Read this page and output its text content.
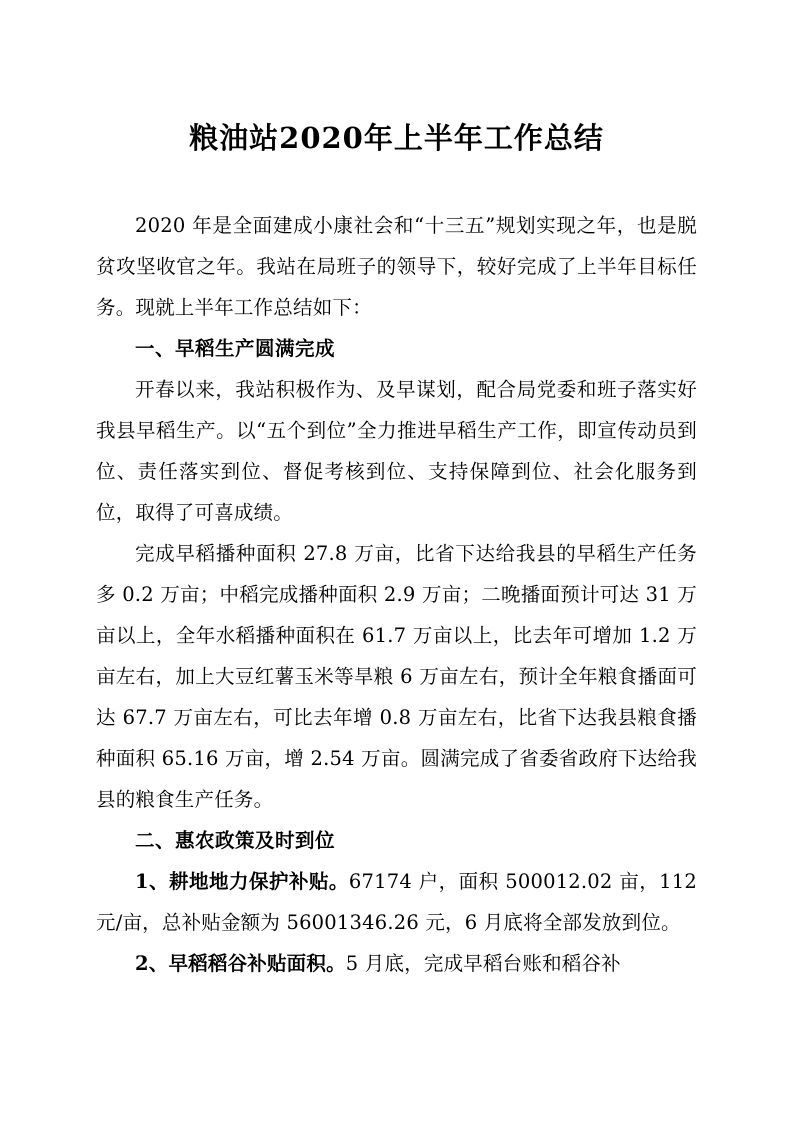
粮油站2020年上半年工作总结

2020 年是全面建成小康社会和“十三五”规划实现之年，也是脱贫攻坚收官之年。我站在局班子的领导下，较好完成了上半年目标任务。现就上半年工作总结如下：

一、早稻生产圆满完成

开春以来，我站积极作为、及早谋划，配合局党委和班子落实好我县早稻生产。以“五个到位”全力推进早稻生产工作，即宣传动员到位、责任落实到位、督促考核到位、支持保障到位、社会化服务到位，取得了可喜成绩。

完成早稻播种面积 27.8 万亩，比省下达给我县的早稻生产任务多 0.2 万亩；中稻完成播种面积 2.9 万亩；二晚播面预计可达 31 万亩以上，全年水稻播种面积在 61.7 万亩以上，比去年可增加 1.2 万亩左右，加上大豆红薯玉米等旱粮 6 万亩左右，预计全年粮食播面可达 67.7 万亩左右，可比去年增 0.8 万亩左右，比省下达我县粮食播种面积 65.16 万亩，增 2.54 万亩。圆满完成了省委省政府下达给我县的粮食生产任务。

二、惠农政策及时到位

1、耕地地力保护补贴。67174 户，面积 500012.02 亩，112 元/亩，总补贴金额为 56001346.26 元，6 月底将全部发放到位。

2、早稻稻谷补贴面积。5 月底，完成早稻台账和稻谷补
